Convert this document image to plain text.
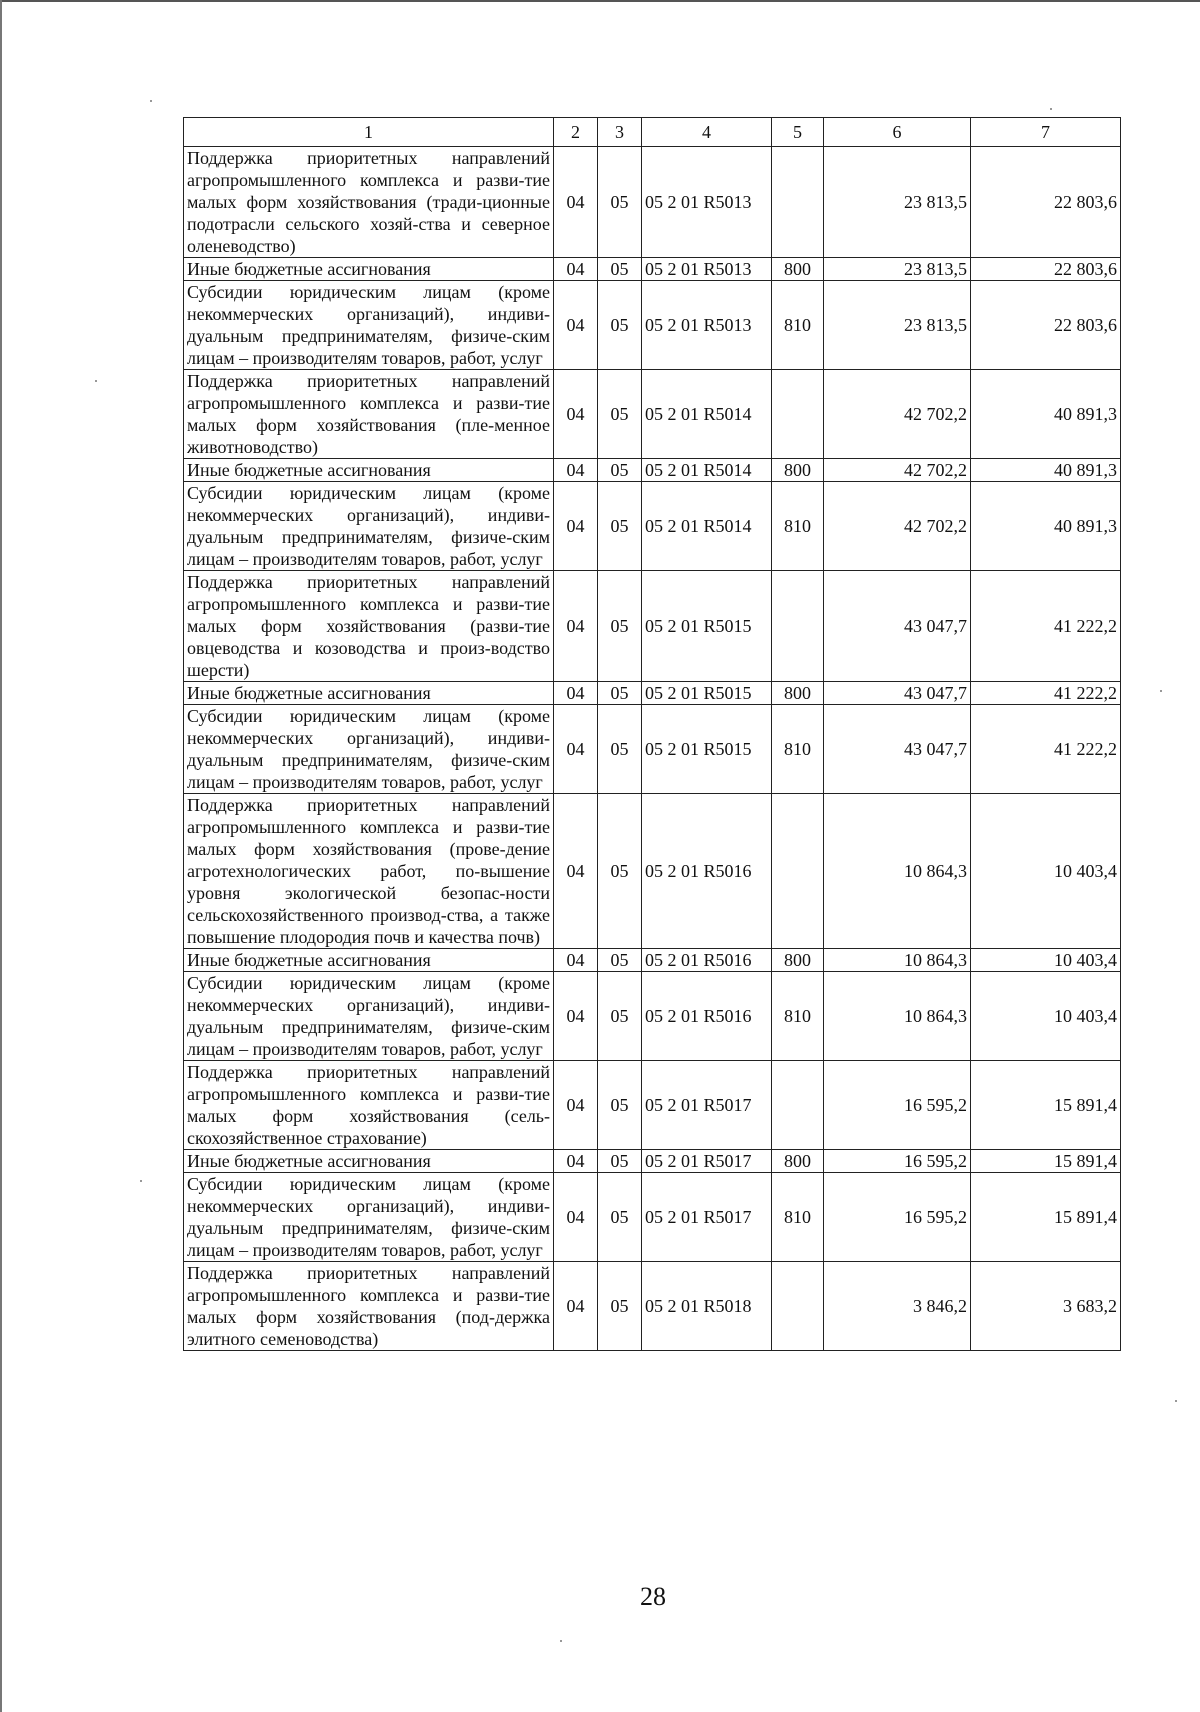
1	2	3	4	5	6	7
Поддержка приоритетных направлений агропромышленного комплекса и разви-тие малых форм хозяйствования (тради-ционные подотрасли сельского хозяй-ства и северное оленеводство)	04	05	05 2 01 R5013		23 813,5	22 803,6
Иные бюджетные ассигнования	04	05	05 2 01 R5013	800	23 813,5	22 803,6
Субсидии юридическим лицам (кроме некоммерческих организаций), индиви-дуальным предпринимателям, физиче-ским лицам – производителям товаров, работ, услуг	04	05	05 2 01 R5013	810	23 813,5	22 803,6
Поддержка приоритетных направлений агропромышленного комплекса и разви-тие малых форм хозяйствования (пле-менное животноводство)	04	05	05 2 01 R5014		42 702,2	40 891,3
Иные бюджетные ассигнования	04	05	05 2 01 R5014	800	42 702,2	40 891,3
Субсидии юридическим лицам (кроме некоммерческих организаций), индиви-дуальным предпринимателям, физиче-ским лицам – производителям товаров, работ, услуг	04	05	05 2 01 R5014	810	42 702,2	40 891,3
Поддержка приоритетных направлений агропромышленного комплекса и разви-тие малых форм хозяйствования (разви-тие овцеводства и козоводства и произ-водство шерсти)	04	05	05 2 01 R5015		43 047,7	41 222,2
Иные бюджетные ассигнования	04	05	05 2 01 R5015	800	43 047,7	41 222,2
Субсидии юридическим лицам (кроме некоммерческих организаций), индиви-дуальным предпринимателям, физиче-ским лицам – производителям товаров, работ, услуг	04	05	05 2 01 R5015	810	43 047,7	41 222,2
Поддержка приоритетных направлений агропромышленного комплекса и разви-тие малых форм хозяйствования (прове-дение агротехнологических работ, по-вышение уровня экологической безопас-ности сельскохозяйственного производ-ства, а также повышение плодородия почв и качества почв)	04	05	05 2 01 R5016		10 864,3	10 403,4
Иные бюджетные ассигнования	04	05	05 2 01 R5016	800	10 864,3	10 403,4
Субсидии юридическим лицам (кроме некоммерческих организаций), индиви-дуальным предпринимателям, физиче-ским лицам – производителям товаров, работ, услуг	04	05	05 2 01 R5016	810	10 864,3	10 403,4
Поддержка приоритетных направлений агропромышленного комплекса и разви-тие малых форм хозяйствования (сель-скохозяйственное страхование)	04	05	05 2 01 R5017		16 595,2	15 891,4
Иные бюджетные ассигнования	04	05	05 2 01 R5017	800	16 595,2	15 891,4
Субсидии юридическим лицам (кроме некоммерческих организаций), индиви-дуальным предпринимателям, физиче-ским лицам – производителям товаров, работ, услуг	04	05	05 2 01 R5017	810	16 595,2	15 891,4
Поддержка приоритетных направлений агропромышленного комплекса и разви-тие малых форм хозяйствования (под-держка элитного семеноводства)	04	05	05 2 01 R5018		3 846,2	3 683,2
28
